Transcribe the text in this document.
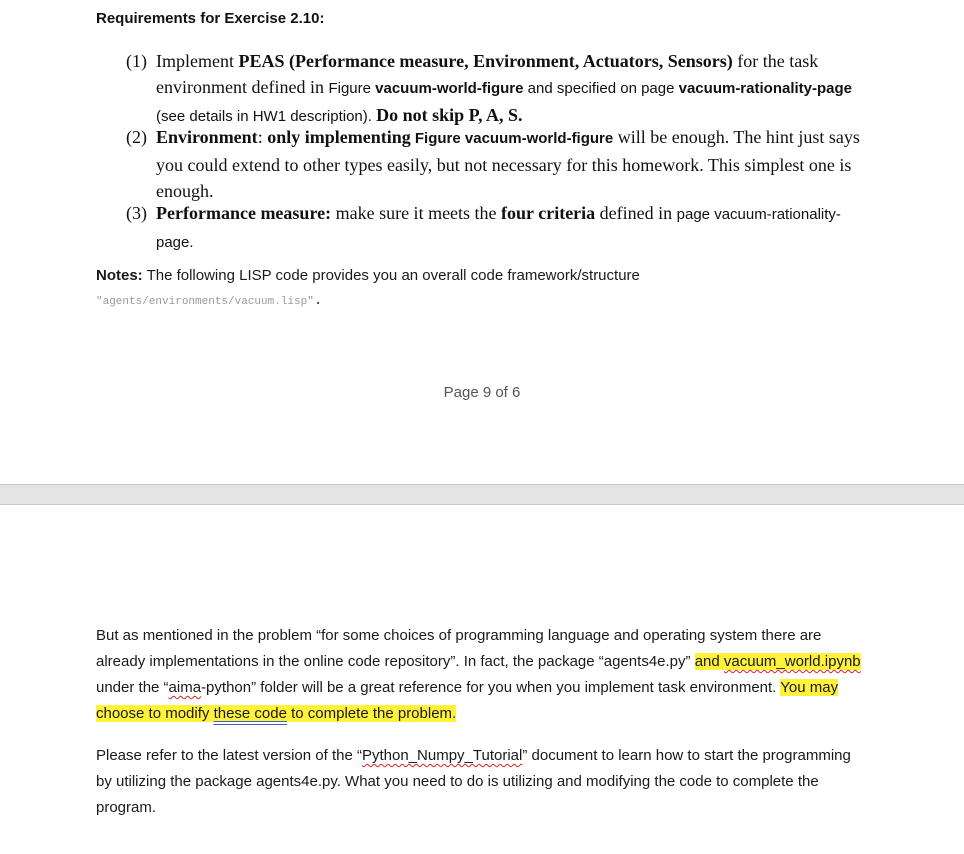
Requirements for Exercise 2.10:
(1) Implement PEAS (Performance measure, Environment, Actuators, Sensors) for the task environment defined in Figure vacuum-world-figure and specified on page vacuum-rationality-page (see details in HW1 description). Do not skip P, A, S.
(2) Environment: only implementing Figure vacuum-world-figure will be enough. The hint just says you could extend to other types easily, but not necessary for this homework. This simplest one is enough.
(3) Performance measure: make sure it meets the four criteria defined in page vacuum-rationality-page.
Notes: The following LISP code provides you an overall code framework/structure
"agents/environments/vacuum.lisp".
Page 9 of 6
But as mentioned in the problem “for some choices of programming language and operating system there are already implementations in the online code repository”. In fact, the package “agents4e.py” and vacuum_world.ipynb under the “aima-python” folder will be a great reference for you when you implement task environment. You may choose to modify these code to complete the problem.
Please refer to the latest version of the “Python_Numpy_Tutorial” document to learn how to start the programming by utilizing the package agents4e.py. What you need to do is utilizing and modifying the code to complete the program.
